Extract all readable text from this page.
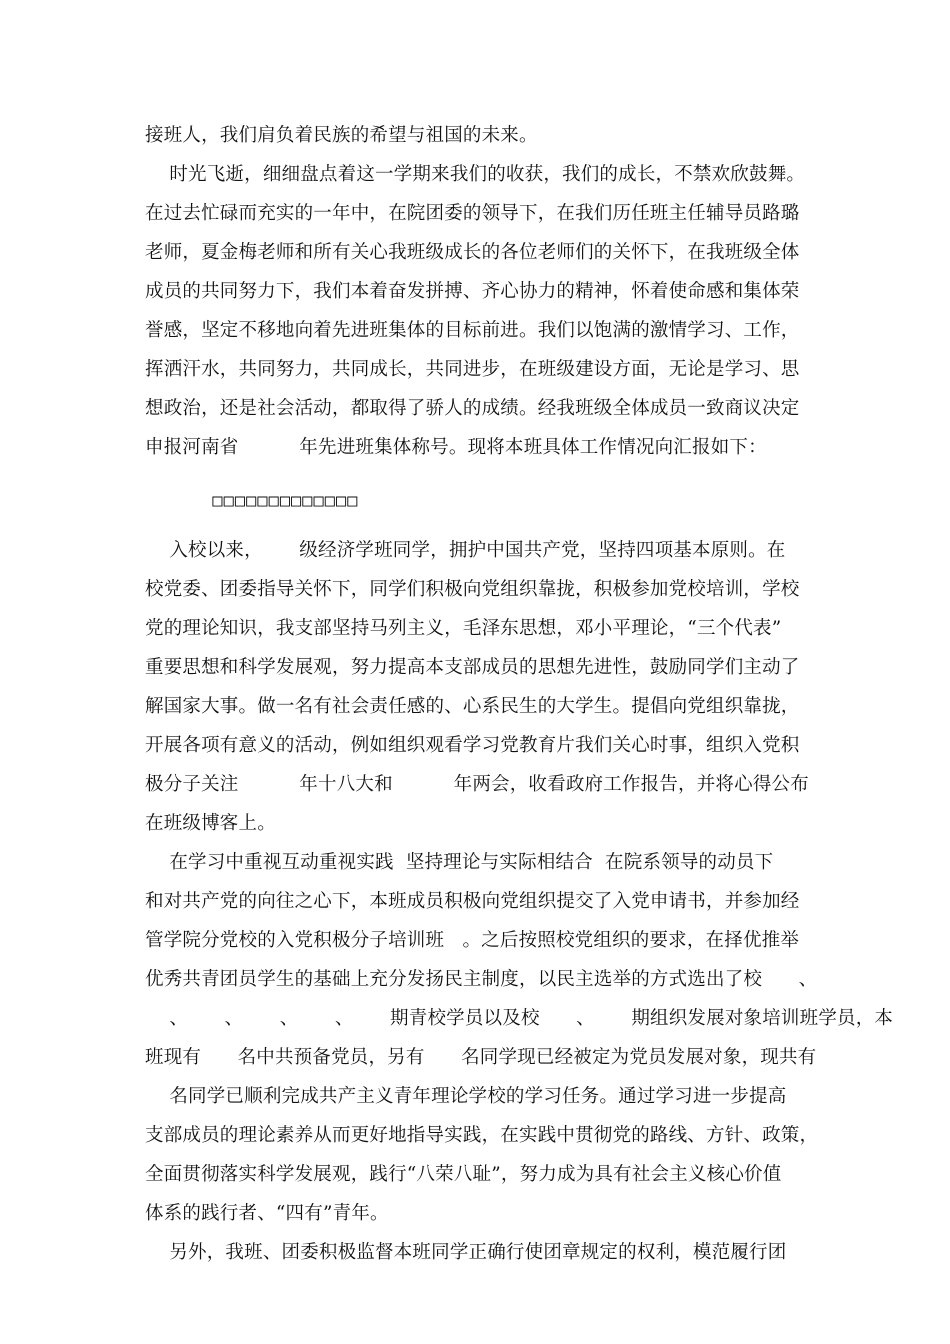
接班人，我们肩负着民族的希望与祖国的未来。
时光飞逝，细细盘点着这一学期来我们的收获，我们的成长，不禁欢欣鼓舞。
在过去忙碌而充实的一年中，在院团委的领导下，在我们历任班主任辅导员路璐
老师，夏金梅老师和所有关心我班级成长的各位老师们的关怀下，在我班级全体
成员的共同努力下，我们本着奋发拼搏、齐心协力的精神，怀着使命感和集体荣
誉感，坚定不移地向着先进班集体的目标前进。我们以饱满的激情学习、工作，
挥洒汗水，共同努力，共同成长，共同进步，在班级建设方面，无论是学习、思
想政治，还是社会活动，都取得了骄人的成绩。经我班级全体成员一致商议决定
申报河南省          年先进班集体称号。现将本班具体工作情况向汇报如下：
□□□□□□□□□□□□□
入校以来，      级经济学班同学，拥护中国共产党，坚持四项基本原则。在
校党委、团委指导关怀下，同学们积极向党组织靠拢，积极参加党校培训，学校
党的理论知识，我支部坚持马列主义，毛泽东思想，邓小平理论，“三个代表”
重要思想和科学发展观，努力提高本支部成员的思想先进性，鼓励同学们主动了
解国家大事。做一名有社会责任感的、心系民生的大学生。提倡向党组织靠拢，
开展各项有意义的活动，例如组织观看学习党教育片我们关心时事，组织入党积
极分子关注          年十八大和          年两会，收看政府工作报告，并将心得公布
在班级博客上。
在学习中重视互动重视实践  坚持理论与实际相结合  在院系领导的动员下
和对共产党的向往之心下，本班成员积极向党组织提交了入党申请书，并参加经
管学院分党校的入党积极分子培训班   。之后按照校党组织的要求，在择优推举
优秀共青团员学生的基础上充分发扬民主制度，以民主选举的方式选出了校      、
、      、      、      、      期青校学员以及校      、      期组织发展对象培训班学员，本
班现有      名中共预备党员，另有      名同学现已经被定为党员发展对象，现共有
名同学已顺利完成共产主义青年理论学校的学习任务。通过学习进一步提高
支部成员的理论素养从而更好地指导实践，在实践中贯彻党的路线、方针、政策，
全面贯彻落实科学发展观，践行“八荣八耻”，努力成为具有社会主义核心价值
体系的践行者、“四有”青年。
另外，我班、团委积极监督本班同学正确行使团章规定的权利，模范履行团
